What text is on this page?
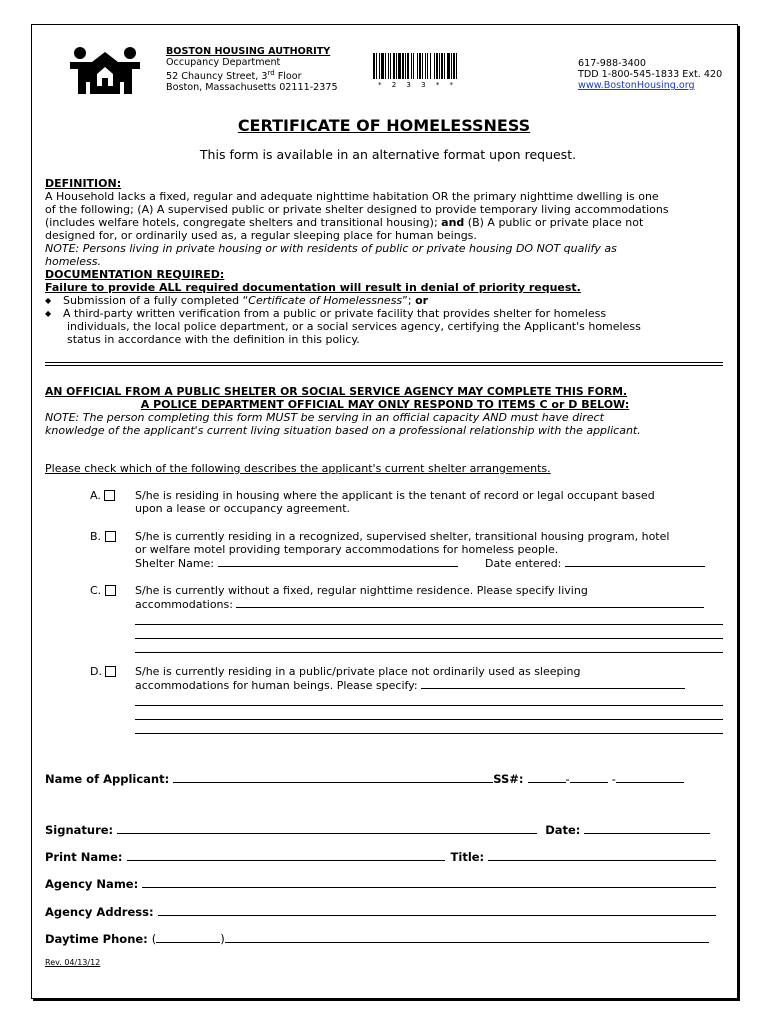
BOSTON HOUSING AUTHORITY
Occupancy Department
52 Chauncy Street, 3rd Floor
Boston, Massachusetts 02111-2375	* 2 3 3 * *
617-988-3400
TDD 1-800-545-1833 Ext. 420
www.BostonHousing.org
CERTIFICATE OF HOMELESSNESS
This form is available in an alternative format upon request.
DEFINITION:
A Household lacks a fixed, regular and adequate nighttime habitation OR the primary nighttime dwelling is one
of the following; (A) A supervised public or private shelter designed to provide temporary living accommodations
(includes welfare hotels, congregate shelters and transitional housing); and (B) A public or private place not
designed for, or ordinarily used as, a regular sleeping place for human beings.
NOTE: Persons living in private housing or with residents of public or private housing DO NOT qualify as
homeless.
DOCUMENTATION REQUIRED:
Failure to provide ALL required documentation will result in denial of priority request.
◆ Submission of a fully completed “Certificate of Homelessness”; or
◆ A third-party written verification from a public or private facility that provides shelter for homeless
individuals, the local police department, or a social services agency, certifying the Applicant's homeless
status in accordance with the definition in this policy.
AN OFFICIAL FROM A PUBLIC SHELTER OR SOCIAL SERVICE AGENCY MAY COMPLETE THIS FORM.
A POLICE DEPARTMENT OFFICIAL MAY ONLY RESPOND TO ITEMS C or D BELOW:
NOTE: The person completing this form MUST be serving in an official capacity AND must have direct
knowledge of the applicant's current living situation based on a professional relationship with the applicant.
Please check which of the following describes the applicant's current shelter arrangements.
A.	S/he is residing in housing where the applicant is the tenant of record or legal occupant based
upon a lease or occupancy agreement.
B.	S/he is currently residing in a recognized, supervised shelter, transitional housing program, hotel
or welfare motel providing temporary accommodations for homeless people.
Shelter Name:	Date entered:
C.	S/he is currently without a fixed, regular nighttime residence. Please specify living
accommodations:
D.	S/he is currently residing in a public/private place not ordinarily used as sleeping
accommodations for human beings. Please specify:
Name of Applicant:	SS#:	-	-
Signature:	Date:
Print Name:	Title:
Agency Name:
Agency Address:
Daytime Phone: (	)
Rev. 04/13/12
